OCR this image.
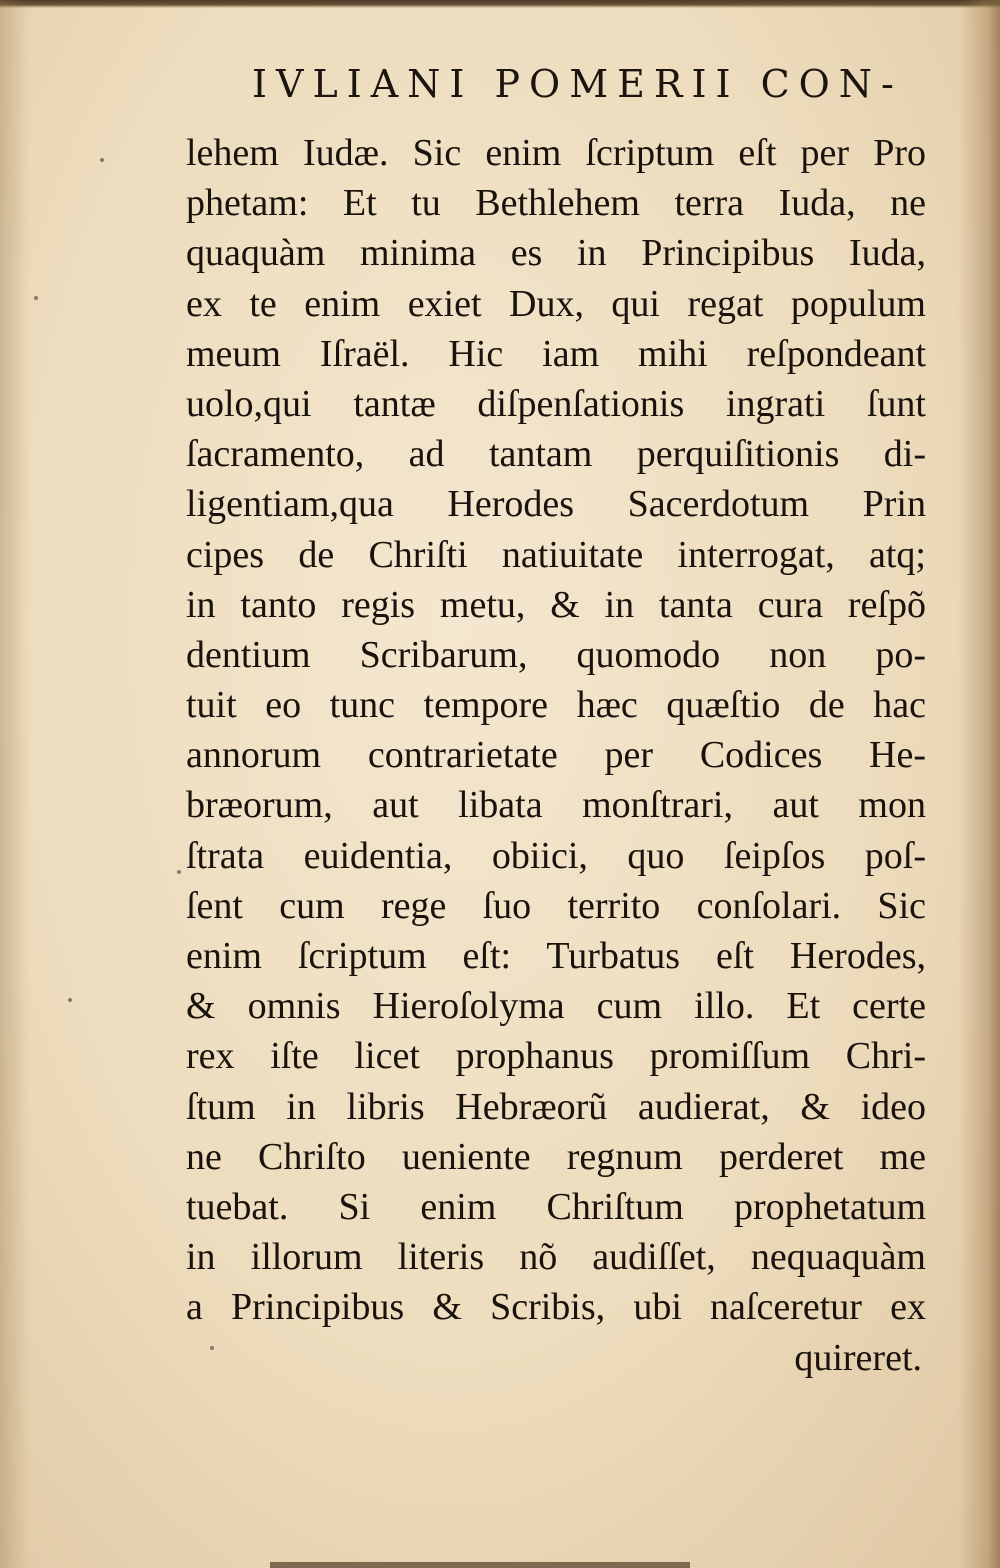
IVLIANI POMERII CON-
lehem Iudæ. Sic enim ſcriptum eſt per Pro
phetam: Et tu Bethlehem terra Iuda, ne
quaquàm minima es in Principibus Iuda,
ex te enim exiet Dux, qui regat populum
meum Iſraël. Hic iam mihi reſpondeant
uolo,qui tantæ diſpenſationis ingrati ſunt
ſacramento, ad tantam perquiſitionis di-
ligentiam,qua Herodes Sacerdotum Prin
cipes de Chriſti natiuitate interrogat, atq;
in tanto regis metu, & in tanta cura reſpõ
dentium Scribarum, quomodo non po-
tuit eo tunc tempore hæc quæſtio de hac
annorum contrarietate per Codices He-
bræorum, aut libata monſtrari, aut mon
ſtrata euidentia, obiici, quo ſeipſos poſ-
ſent cum rege ſuo territo conſolari. Sic
enim ſcriptum eſt: Turbatus eſt Herodes,
& omnis Hieroſolyma cum illo. Et certe
rex iſte licet prophanus promiſſum Chri-
ſtum in libris Hebræorũ audierat, & ideo
ne Chriſto ueniente regnum perderet me
tuebat. Si enim Chriſtum prophetatum
in illorum literis nõ audiſſet, nequaquàm
a Principibus & Scribis, ubi naſceretur ex
quireret.
